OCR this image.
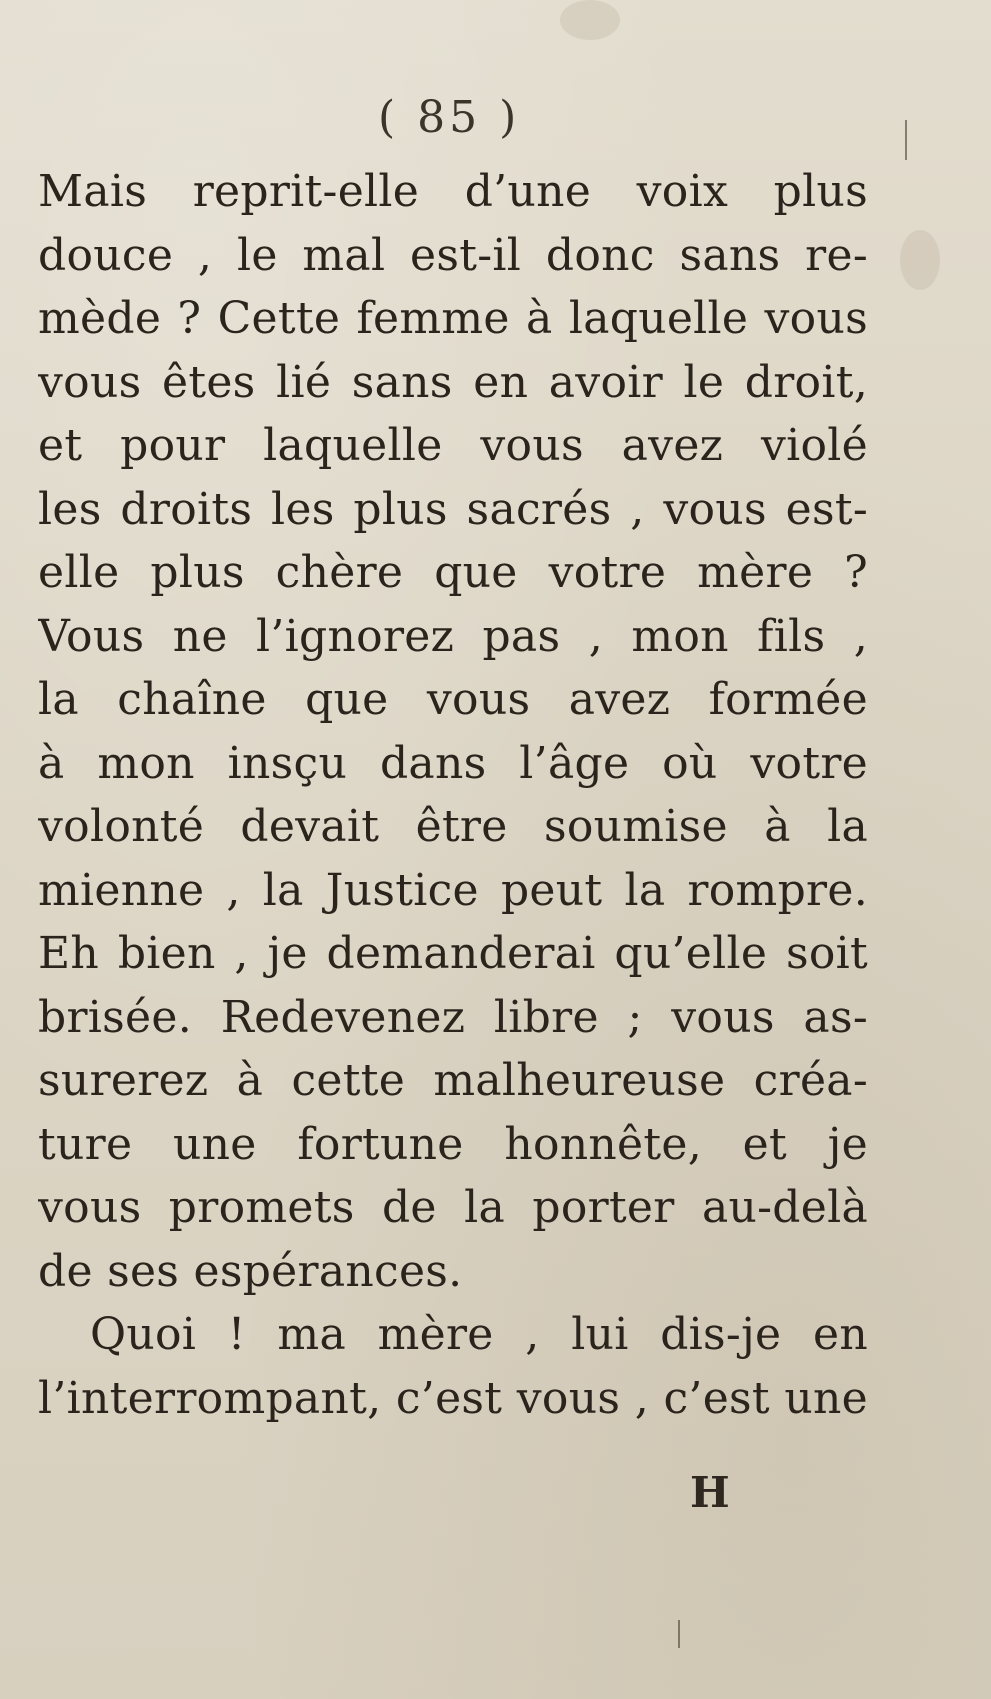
( 85 )
Mais reprit-elle d’une voix plus
douce , le mal est-il donc sans re-
mède ? Cette femme à laquelle vous
vous êtes lié sans en avoir le droit,
et pour laquelle vous avez violé
les droits les plus sacrés , vous est-
elle plus chère que votre mère ?
Vous ne l’ignorez pas , mon fils ,
la chaîne que vous avez formée
à mon insçu dans l’âge où votre
volonté devait être soumise à la
mienne , la Justice peut la rompre.
Eh bien , je demanderai qu’elle soit
brisée. Redevenez libre ; vous as-
surerez à cette malheureuse créa-
ture une fortune honnête, et je
vous promets de la porter au-delà
de ses espérances.
Quoi ! ma mère , lui dis-je en
l’interrompant, c’est vous , c’est une
H
